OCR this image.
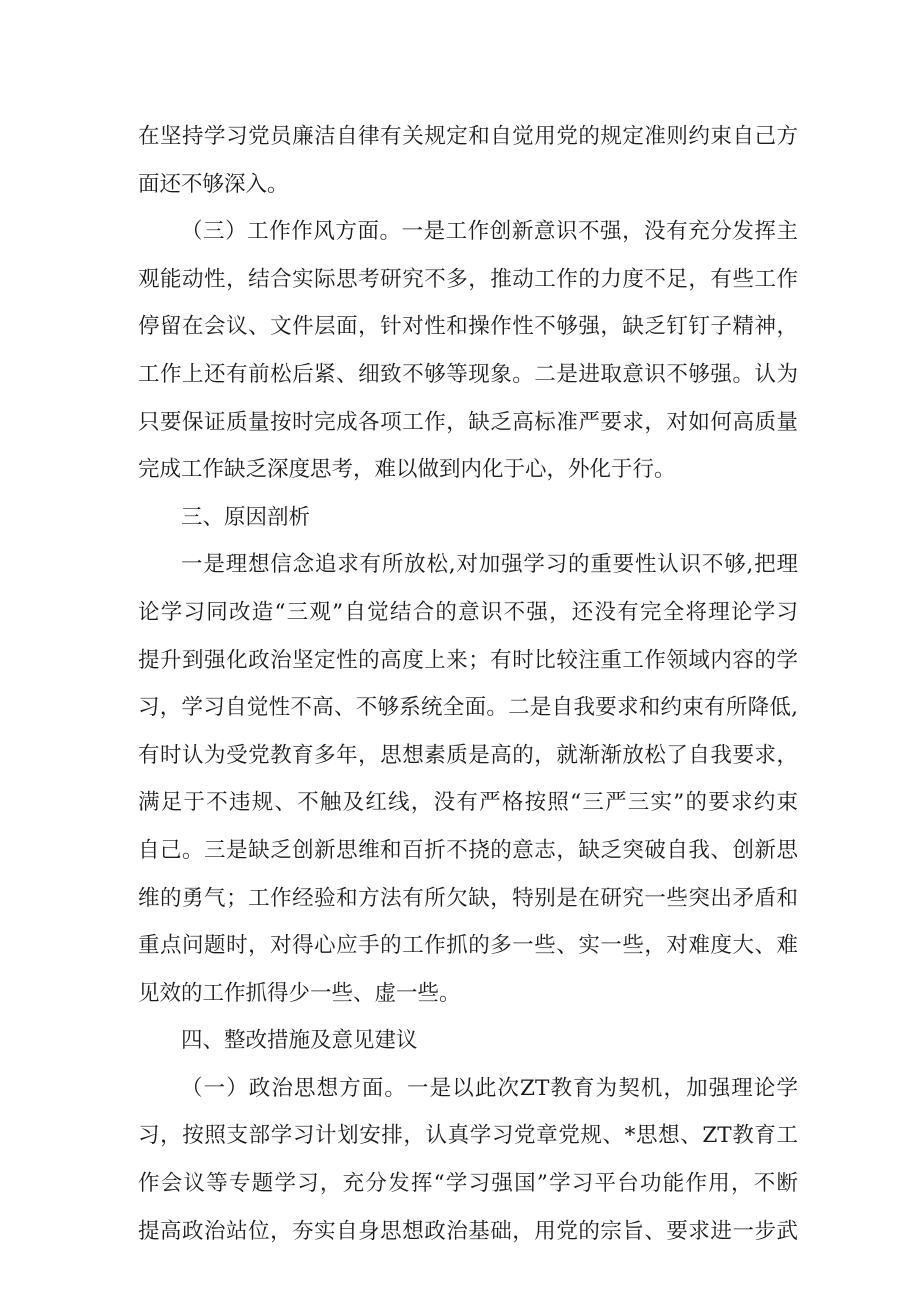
在坚持学习党员廉洁自律有关规定和自觉用党的规定准则约束自己方
面还不够深入。

（三）工作作风方面。一是工作创新意识不强，没有充分发挥主
观能动性，结合实际思考研究不多，推动工作的力度不足，有些工作
停留在会议、文件层面，针对性和操作性不够强，缺乏钉钉子精神，
工作上还有前松后紧、细致不够等现象。二是进取意识不够强。认为
只要保证质量按时完成各项工作，缺乏高标准严要求，对如何高质量
完成工作缺乏深度思考，难以做到内化于心，外化于行。

三、原因剖析

一是理想信念追求有所放松,对加强学习的重要性认识不够,把理
论学习同改造“三观”自觉结合的意识不强，还没有完全将理论学习
提升到强化政治坚定性的高度上来；有时比较注重工作领域内容的学
习，学习自觉性不高、不够系统全面。二是自我要求和约束有所降低,
有时认为受党教育多年，思想素质是高的，就渐渐放松了自我要求，
满足于不违规、不触及红线，没有严格按照“三严三实”的要求约束
自己。三是缺乏创新思维和百折不挠的意志，缺乏突破自我、创新思
维的勇气；工作经验和方法有所欠缺，特别是在研究一些突出矛盾和
重点问题时，对得心应手的工作抓的多一些、实一些，对难度大、难
见效的工作抓得少一些、虚一些。

四、整改措施及意见建议

（一）政治思想方面。一是以此次ZT教育为契机，加强理论学
习，按照支部学习计划安排，认真学习党章党规、*思想、ZT教育工
作会议等专题学习，充分发挥“学习强国”学习平台功能作用，不断
提高政治站位，夯实自身思想政治基础，用党的宗旨、要求进一步武
